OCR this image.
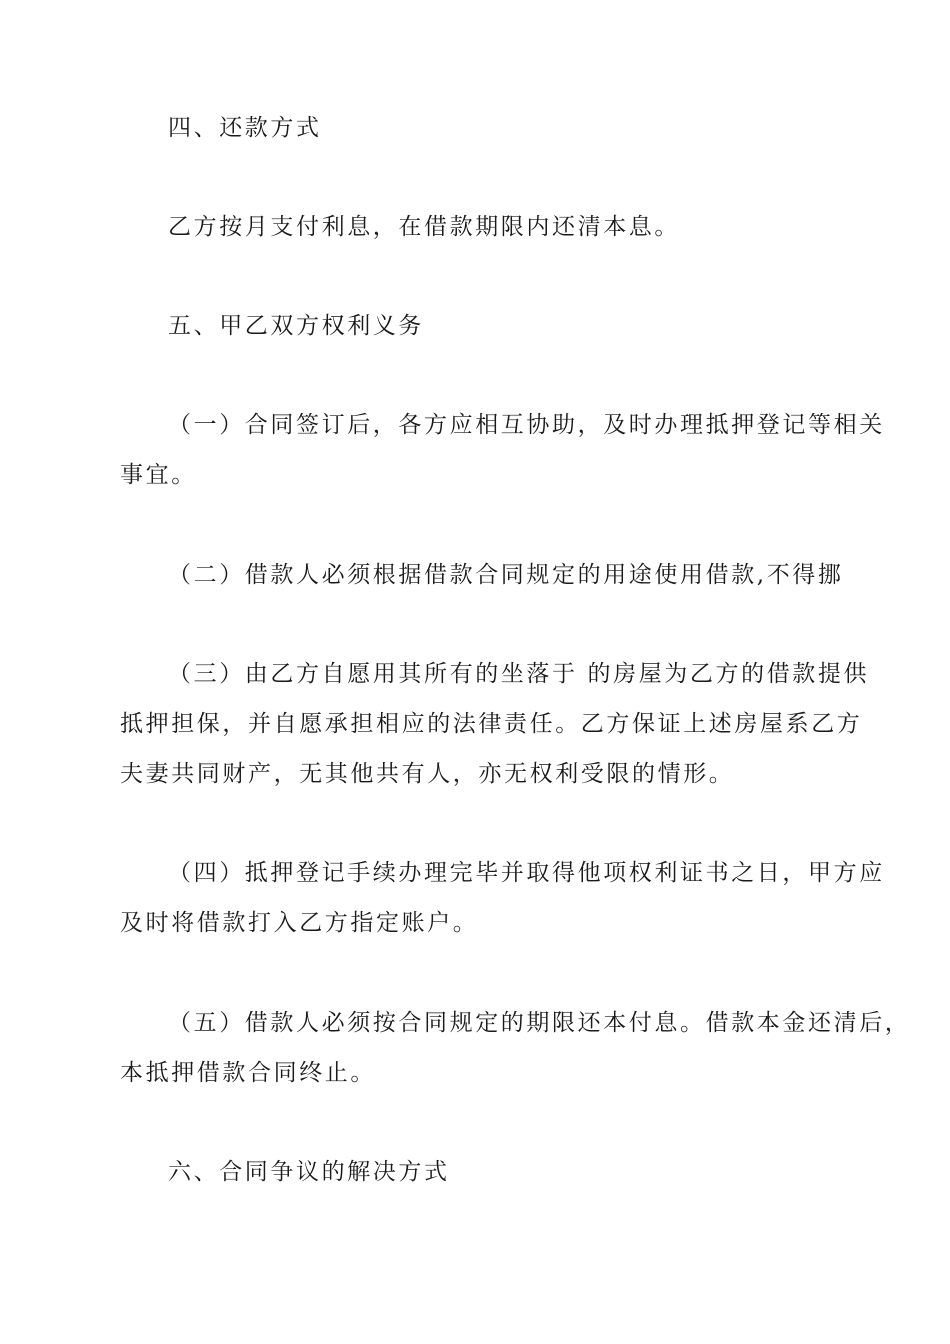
四、还款方式
乙方按月支付利息，在借款期限内还清本息。
五、甲乙双方权利义务
（一）合同签订后，各方应相互协助，及时办理抵押登记等相关
事宜。
（二）借款人必须根据借款合同规定的用途使用借款,不得挪
（三）由乙方自愿用其所有的坐落于 的房屋为乙方的借款提供
抵押担保，并自愿承担相应的法律责任。乙方保证上述房屋系乙方
夫妻共同财产，无其他共有人，亦无权利受限的情形。
（四）抵押登记手续办理完毕并取得他项权利证书之日，甲方应
及时将借款打入乙方指定账户。
（五）借款人必须按合同规定的期限还本付息。借款本金还清后，
本抵押借款合同终止。
六、合同争议的解决方式
